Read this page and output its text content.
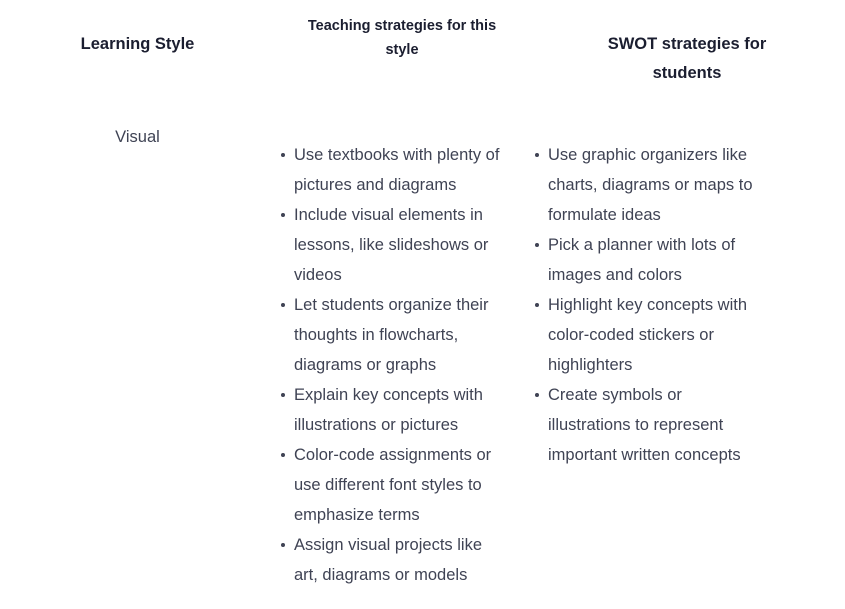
Learning Style
Teaching strategies for this style	SWOT strategies for students
Visual
Use textbooks with plenty of pictures and diagrams
Include visual elements in lessons, like slideshows or videos
Let students organize their thoughts in flowcharts, diagrams or graphs
Explain key concepts with illustrations or pictures
Color-code assignments or use different font styles to emphasize terms
Assign visual projects like art, diagrams or models
Use graphic organizers like charts, diagrams or maps to formulate ideas
Pick a planner with lots of images and colors
Highlight key concepts with color-coded stickers or highlighters
Create symbols or illustrations to represent important written concepts
